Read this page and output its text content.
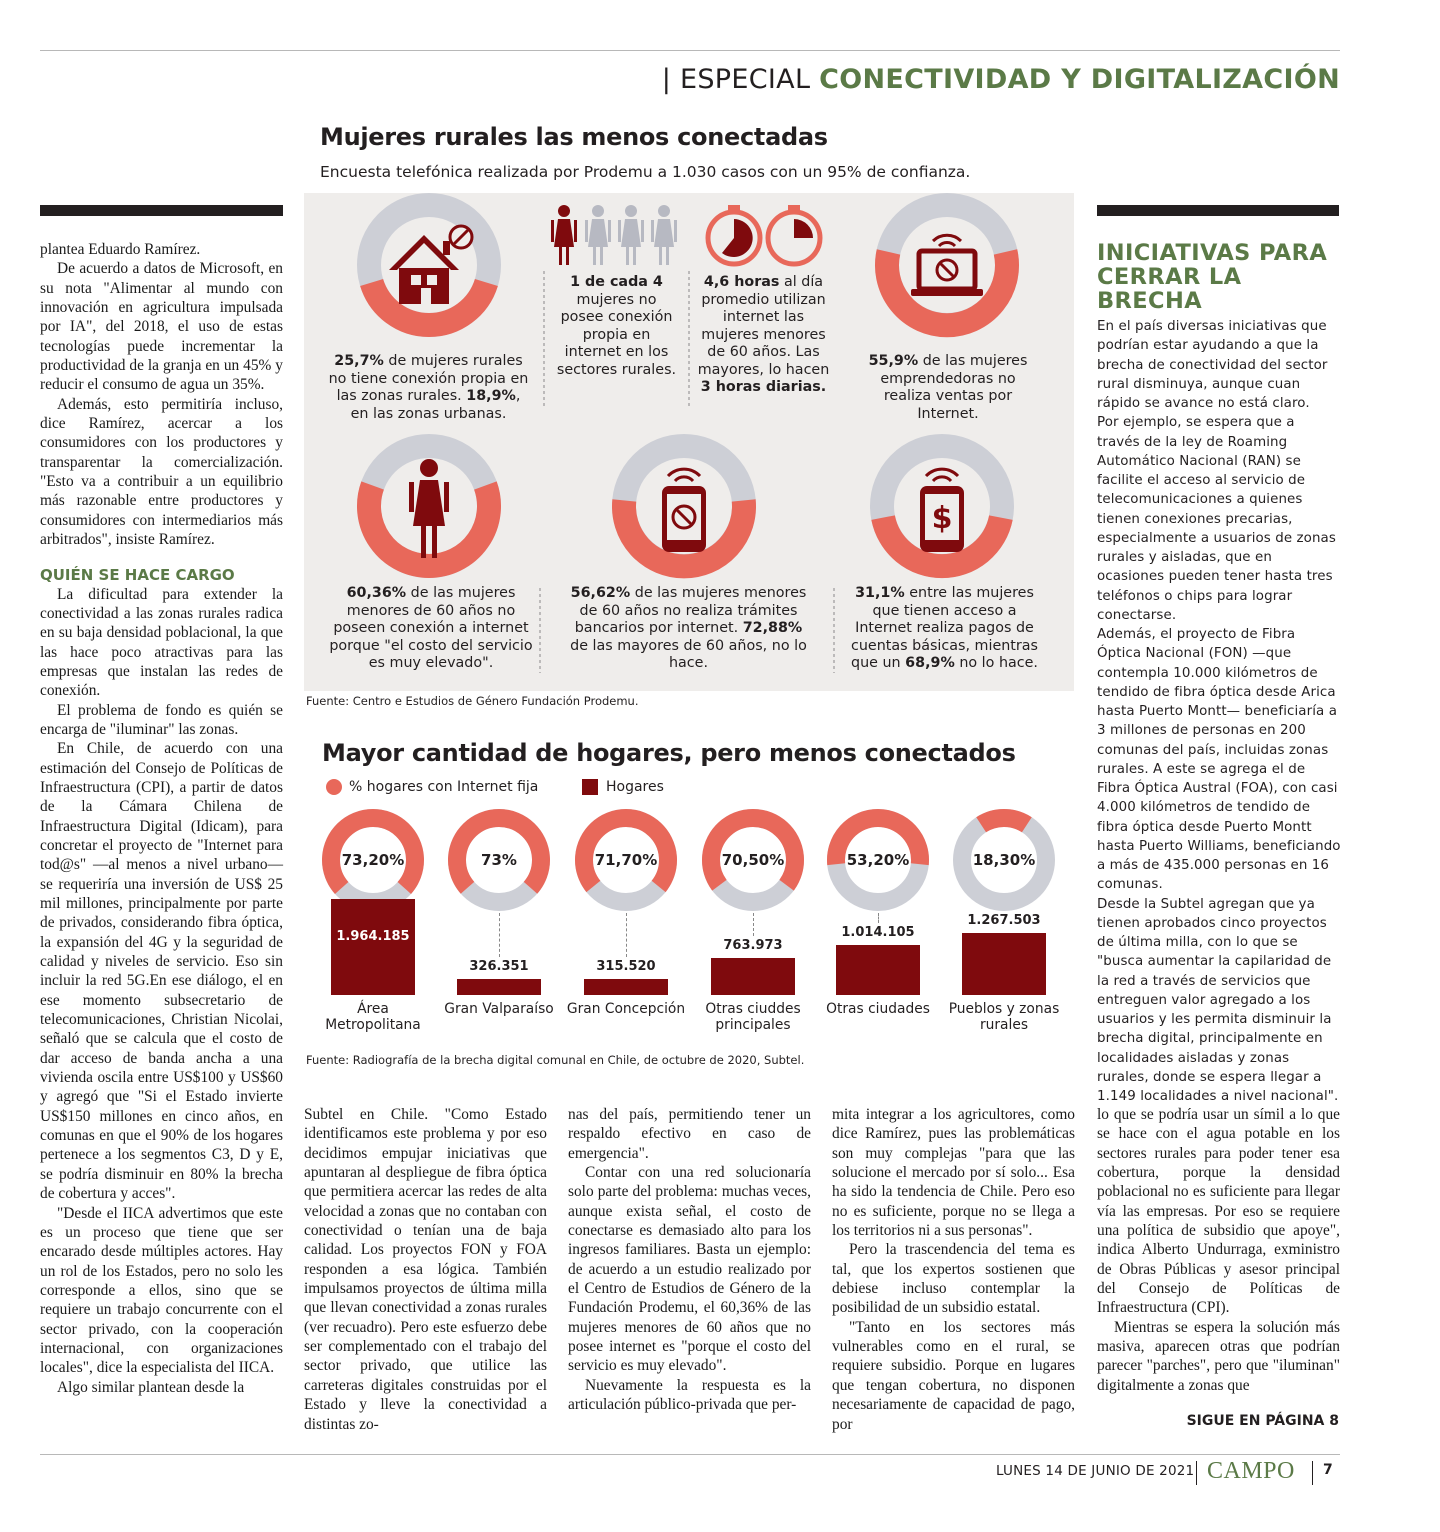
| ESPECIAL CONECTIVIDAD Y DIGITALIZACIÓN
Mujeres rurales las menos conectadas
Encuesta telefónica realizada por Prodemu a 1.030 casos con un 95% de confianza.
$
25,7% de mujeres rurales no tiene conexión propia en las zonas rurales. 18,9%, en las zonas urbanas.
1 de cada 4 mujeres no posee conexión propia en internet en los sectores rurales.
4,6 horas al día promedio utilizan internet las mujeres menores de 60 años. Las mayores, lo hacen 3 horas diarias.
55,9% de las mujeres emprendedoras no realiza ventas por Internet.
60,36% de las mujeres menores de 60 años no poseen conexión a internet porque "el costo del servicio es muy elevado".
56,62% de las mujeres menores de 60 años no realiza trámites bancarios por internet. 72,88% de las mayores de 60 años, no lo hace.
31,1% entre las mujeres que tienen acceso a Internet realiza pagos de cuentas básicas, mientras que un 68,9% no lo hace.
Fuente: Centro e Estudios de Género Fundación Prodemu.
Mayor cantidad de hogares, pero menos conectados
% hogares con Internet fija	Hogares
73,20%
1.964.185
Área Metropolitana
73%
326.351
Gran Valparaíso
71,70%
315.520
Gran Concepción
70,50%
763.973
Otras ciuddes principales
53,20%
1.014.105
Otras ciudades
18,30%
1.267.503
Pueblos y zonas rurales
Fuente: Radiografía de la brecha digital comunal en Chile, de octubre de 2020, Subtel.
INICIATIVAS PARA CERRAR LA BRECHA

En el país diversas iniciativas que podrían estar ayudando a que la brecha de conectividad del sector rural disminuya, aunque cuan rápido se avance no está claro.

Por ejemplo, se espera que a través de la ley de Roaming Automático Nacional (RAN) se facilite el acceso al servicio de telecomunicaciones a quienes tienen conexiones precarias, especialmente a usuarios de zonas rurales y aisladas, que en ocasiones pueden tener hasta tres teléfonos o chips para lograr conectarse.

Además, el proyecto de Fibra Óptica Nacional (FON) —que contempla 10.000 kilómetros de tendido de fibra óptica desde Arica hasta Puerto Montt— beneficiaría a 3 millones de personas en 200 comunas del país, incluidas zonas rurales. A este se agrega el de Fibra Óptica Austral (FOA), con casi 4.000 kilómetros de tendido de fibra óptica desde Puerto Montt hasta Puerto Williams, beneficiando a más de 435.000 personas en 16 comunas.

Desde la Subtel agregan que ya tienen aprobados cinco proyectos de última milla, con lo que se "busca aumentar la capilaridad de la red a través de servicios que entreguen valor agregado a los usuarios y les permita disminuir la brecha digital, principalmente en localidades aisladas y zonas rurales, donde se espera llegar a 1.149 localidades a nivel nacional".

plantea Eduardo Ramírez.

De acuerdo a datos de Microsoft, en su nota "Alimentar al mundo con innovación en agricultura impulsada por IA", del 2018, el uso de estas tecnologías puede incrementar la productividad de la granja en un 45% y reducir el consumo de agua un 35%.

Además, esto permitiría incluso, dice Ramírez, acercar a los consumidores con los productores y transparentar la comercialización. "Esto va a contribuir a un equilibrio más razonable entre productores y consumidores con intermediarios más arbitrados", insiste Ramírez.

QUIÉN SE HACE CARGO

La dificultad para extender la conectividad a las zonas rurales radica en su baja densidad poblacional, la que las hace poco atractivas para las empresas que instalan las redes de conexión.

El problema de fondo es quién se encarga de "iluminar" las zonas.

En Chile, de acuerdo con una estimación del Consejo de Políticas de Infraestructura (CPI), a partir de datos de la Cámara Chilena de Infraestructura Digital (Idicam), para concretar el proyecto de "Internet para tod@s" —al menos a nivel urbano— se requeriría una inversión de US$ 25 mil millones, principalmente por parte de privados, considerando fibra óptica, la expansión del 4G y la seguridad de calidad y niveles de servicio. Eso sin incluir la red 5G.En ese diálogo, el en ese momento subsecretario de telecomunicaciones, Christian Nicolai, señaló que se calcula que el costo de dar acceso de banda ancha a una vivienda oscila entre US$100 y US$60 y agregó que "Si el Estado invierte US$150 millones en cinco años, en comunas en que el 90% de los hogares pertenece a los segmentos C3, D y E, se podría disminuir en 80% la brecha de cobertura y acces".

"Desde el IICA advertimos que este es un proceso que tiene que ser encarado desde múltiples actores. Hay un rol de los Estados, pero no solo les corresponde a ellos, sino que se requiere un trabajo concurrente con el sector privado, con la cooperación internacional, con organizaciones locales", dice la especialista del IICA.

Algo similar plantean desde la

Subtel en Chile. "Como Estado identificamos este problema y por eso decidimos empujar iniciativas que apuntaran al despliegue de fibra óptica que permitiera acercar las redes de alta velocidad a zonas que no contaban con conectividad o tenían una de baja calidad. Los proyectos FON y FOA responden a esa lógica. También impulsamos proyectos de última milla que llevan conectividad a zonas rurales (ver recuadro). Pero este esfuerzo debe ser complementado con el trabajo del sector privado, que utilice las carreteras digitales construidas por el Estado y lleve la conectividad a distintas zo-

nas del país, permitiendo tener un respaldo efectivo en caso de emergencia".

Contar con una red solucionaría solo parte del problema: muchas veces, aunque exista señal, el costo de conectarse es demasiado alto para los ingresos familiares. Basta un ejemplo: de acuerdo a un estudio realizado por el Centro de Estudios de Género de la Fundación Prodemu, el 60,36% de las mujeres menores de 60 años que no posee internet es "porque el costo del servicio es muy elevado".

Nuevamente la respuesta es la articulación público-privada que per-

mita integrar a los agricultores, como dice Ramírez, pues las problemáticas son muy complejas "para que las solucione el mercado por sí solo... Esa ha sido la tendencia de Chile. Pero eso no es suficiente, porque no se llega a los territorios ni a sus personas".

Pero la trascendencia del tema es tal, que los expertos sostienen que debiese incluso contemplar la posibilidad de un subsidio estatal.

"Tanto en los sectores más vulnerables como en el rural, se requiere subsidio. Porque en lugares que tengan cobertura, no disponen necesariamente de capacidad de pago, por

lo que se podría usar un símil a lo que se hace con el agua potable en los sectores rurales para poder tener esa cobertura, porque la densidad poblacional no es suficiente para llegar vía las empresas. Por eso se requiere una política de subsidio que apoye", indica Alberto Undurraga, exministro de Obras Públicas y asesor principal del Consejo de Políticas de Infraestructura (CPI).

Mientras se espera la solución más masiva, aparecen otras que podrían parecer "parches", pero que "iluminan" digitalmente a zonas que

SIGUE EN PÁGINA 8
LUNES 14 DE JUNIO DE 2021 CAMPO 7
